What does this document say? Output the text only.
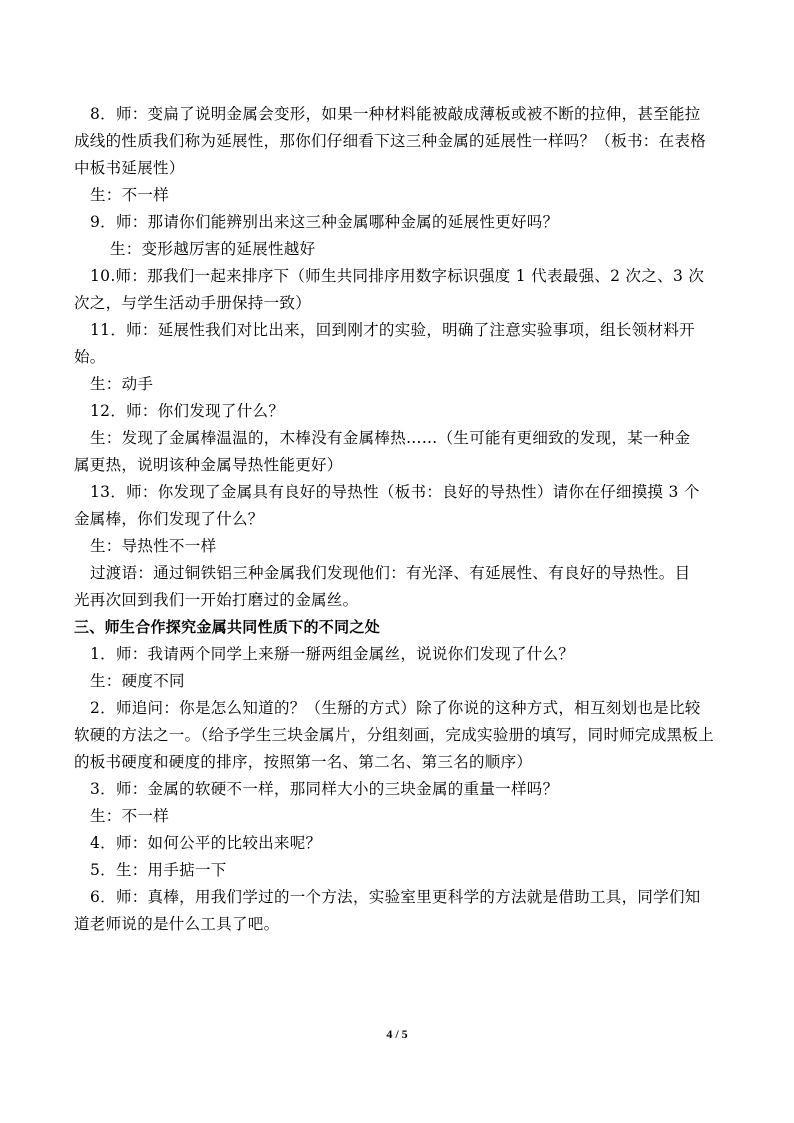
8．师：变扁了说明金属会变形，如果一种材料能被敲成薄板或被不断的拉伸，甚至能拉
成线的性质我们称为延展性，那你们仔细看下这三种金属的延展性一样吗？（板书：在表格
中板书延展性）
生：不一样
9．师：那请你们能辨别出来这三种金属哪种金属的延展性更好吗？
生：变形越厉害的延展性越好
10.师：那我们一起来排序下（师生共同排序用数字标识强度 1 代表最强、2 次之、3 次
次之，与学生活动手册保持一致）
11．师：延展性我们对比出来，回到刚才的实验，明确了注意实验事项，组长领材料开
始。
生：动手
12．师：你们发现了什么？
生：发现了金属棒温温的，木棒没有金属棒热……（生可能有更细致的发现，某一种金
属更热，说明该种金属导热性能更好）
13．师：你发现了金属具有良好的导热性（板书：良好的导热性）请你在仔细摸摸 3 个
金属棒，你们发现了什么？
生：导热性不一样
过渡语：通过铜铁铝三种金属我们发现他们：有光泽、有延展性、有良好的导热性。目
光再次回到我们一开始打磨过的金属丝。
三、师生合作探究金属共同性质下的不同之处
1．师：我请两个同学上来掰一掰两组金属丝，说说你们发现了什么？
生：硬度不同
2．师追问：你是怎么知道的？（生掰的方式）除了你说的这种方式，相互刻划也是比较
软硬的方法之一。（给予学生三块金属片，分组刻画，完成实验册的填写，同时师完成黑板上
的板书硬度和硬度的排序，按照第一名、第二名、第三名的顺序）
3．师：金属的软硬不一样，那同样大小的三块金属的重量一样吗？
生：不一样
4．师：如何公平的比较出来呢？
5．生：用手掂一下
6．师：真棒，用我们学过的一个方法，实验室里更科学的方法就是借助工具，同学们知
道老师说的是什么工具了吧。
4 / 5
